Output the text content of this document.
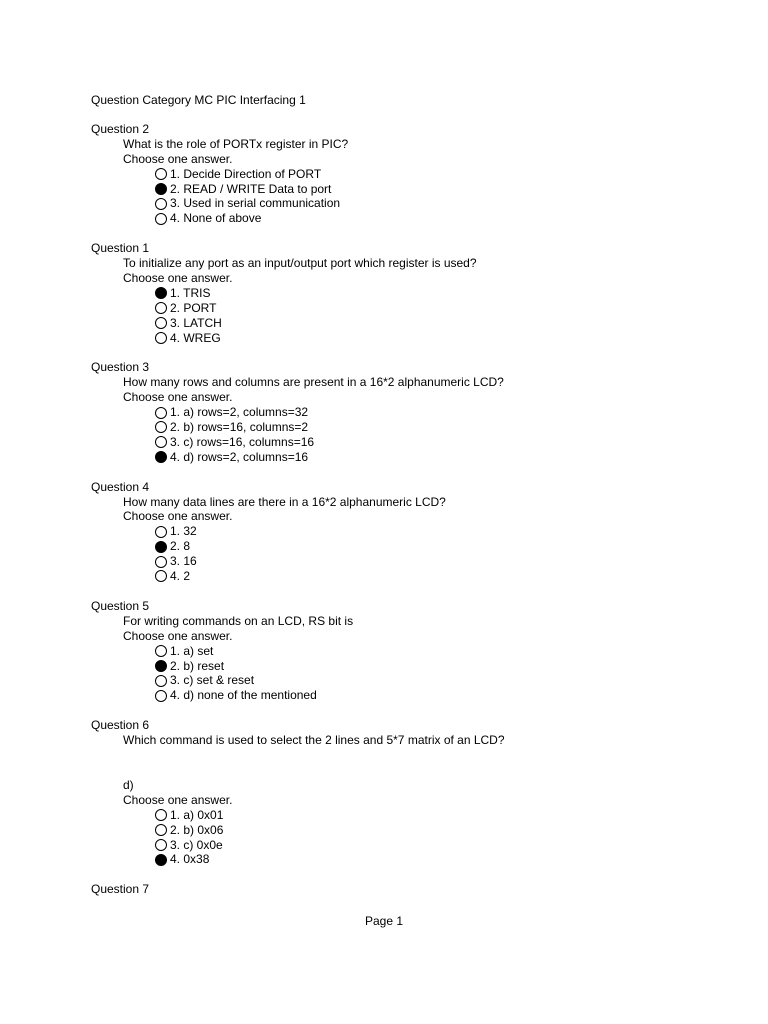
Question Category MC PIC Interfacing 1
Question 2
What is the role of PORTx register in PIC?
Choose one answer.
1. Decide Direction of PORT
2. READ / WRITE Data to port
3. Used in serial communication
4. None of above
Question 1
To initialize any port as an input/output port which register is used?
Choose one answer.
1. TRIS
2. PORT
3. LATCH
4. WREG
Question 3
How many rows and columns are present in a 16*2 alphanumeric LCD?
Choose one answer.
1. a) rows=2, columns=32
2. b) rows=16, columns=2
3. c) rows=16, columns=16
4. d) rows=2, columns=16
Question 4
How many data lines are there in a 16*2 alphanumeric LCD?
Choose one answer.
1. 32
2. 8
3. 16
4. 2
Question 5
For writing commands on an LCD, RS bit is
Choose one answer.
1. a) set
2. b) reset
3. c) set & reset
4. d) none of the mentioned
Question 6
Which command is used to select the 2 lines and 5*7 matrix of an LCD?
d)
Choose one answer.
1. a) 0x01
2. b) 0x06
3. c) 0x0e
4. 0x38
Question 7
Page 1
